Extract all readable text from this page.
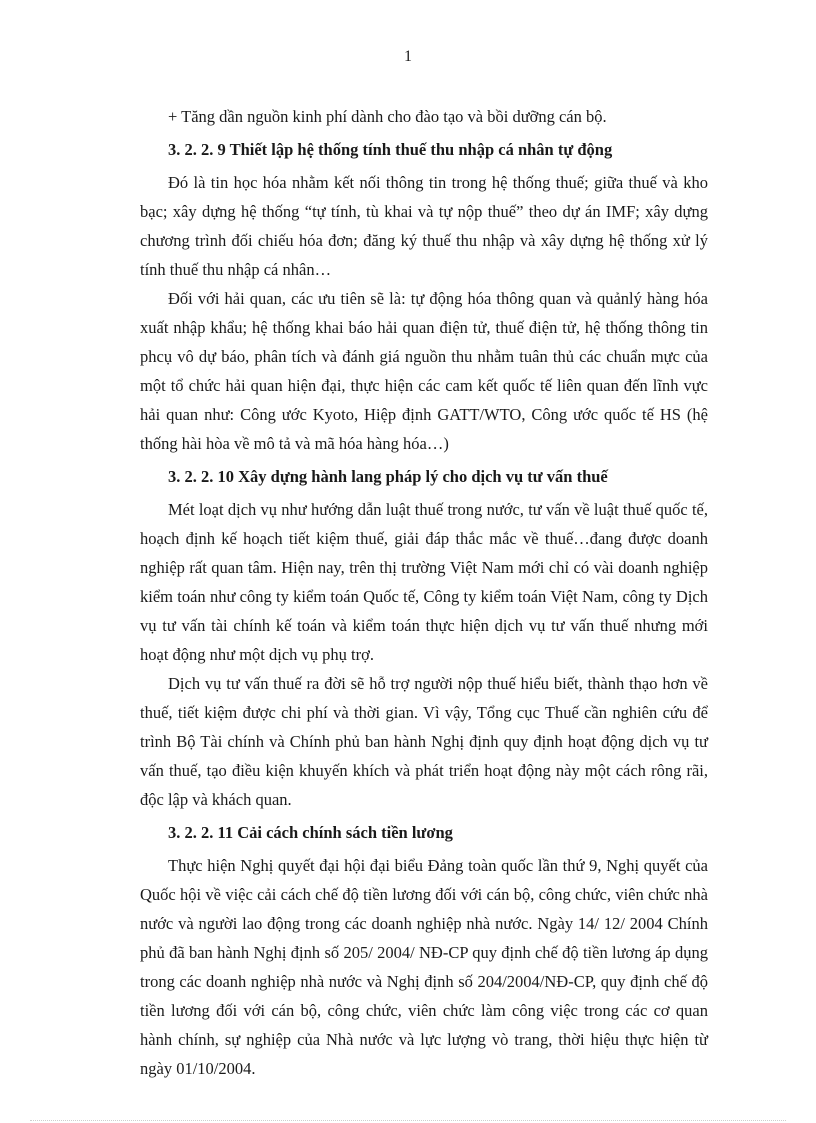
1

+ Tăng dần nguồn kinh phí dành cho đào tạo và bồi dưỡng cán bộ.

3. 2. 2. 9 Thiết lập hệ thống tính thuế thu nhập cá nhân tự động

Đó là tin học hóa nhằm kết nối thông tin trong hệ thống thuế; giữa thuế và kho bạc; xây dựng hệ thống “tự tính, tù khai và tự nộp thuế” theo dự án IMF; xây dựng chương trình đối chiếu hóa đơn; đăng ký thuế thu nhập và xây dựng hệ thống xử lý tính thuế thu nhập cá nhân…

Đối với hải quan, các ưu tiên sẽ là: tự động hóa thông quan và quảnlý hàng hóa xuất nhập khẩu; hệ thống khai báo hải quan điện tử, thuế điện tử, hệ thống thông tin phcụ vô dự báo, phân tích và đánh giá nguồn thu nhằm tuân thủ các chuẩn mực của một tổ chức hải quan hiện đại, thực hiện các cam kết quốc tế liên quan đến lĩnh vực hải quan như: Công ước Kyoto, Hiệp định GATT/WTO, Công ước quốc tế HS (hệ thống hài hòa về mô tả và mã hóa hàng hóa…)

3. 2. 2. 10 Xây dựng hành lang pháp lý cho dịch vụ tư vấn thuế

Mét loạt dịch vụ như hướng dẫn luật thuế trong nước, tư vấn về luật thuế quốc tế, hoạch định kế hoạch tiết kiệm thuế, giải đáp thắc mắc về thuế…đang được doanh nghiệp rất quan tâm. Hiện nay, trên thị trường Việt Nam mới chỉ có vài doanh nghiệp kiểm toán như công ty kiểm toán Quốc tế, Công ty kiểm toán Việt Nam, công ty Dịch vụ tư vấn tài chính kế toán và kiểm toán thực hiện dịch vụ tư vấn thuế nhưng mới hoạt động như một dịch vụ phụ trợ.

Dịch vụ tư vấn thuế ra đời sẽ hỗ trợ người nộp thuế hiểu biết, thành thạo hơn về thuế, tiết kiệm được chi phí và thời gian. Vì vậy, Tổng cục Thuế cần nghiên cứu để trình Bộ Tài chính và Chính phủ ban hành Nghị định quy định hoạt động dịch vụ tư vấn thuế, tạo điều kiện khuyến khích và phát triển hoạt động này một cách rông rãi, độc lập và khách quan.

3. 2. 2. 11 Cải cách chính sách tiền lương

Thực hiện Nghị quyết đại hội đại biểu Đảng toàn quốc lần thứ 9, Nghị quyết của Quốc hội về việc cải cách chế độ tiền lương đối với cán bộ, công chức, viên chức nhà nước và người lao động trong các doanh nghiệp nhà nước. Ngày 14/ 12/ 2004 Chính phủ đã ban hành Nghị định số 205/ 2004/ NĐ-CP quy định chế độ tiền lương áp dụng trong các doanh nghiệp nhà nước và Nghị định số 204/2004/NĐ-CP, quy định chế độ tiền lương đối với cán bộ, công chức, viên chức làm công việc trong các cơ quan hành chính, sự nghiệp của Nhà nước và lực lượng vò trang, thời hiệu thực hiện từ ngày 01/10/2004.
